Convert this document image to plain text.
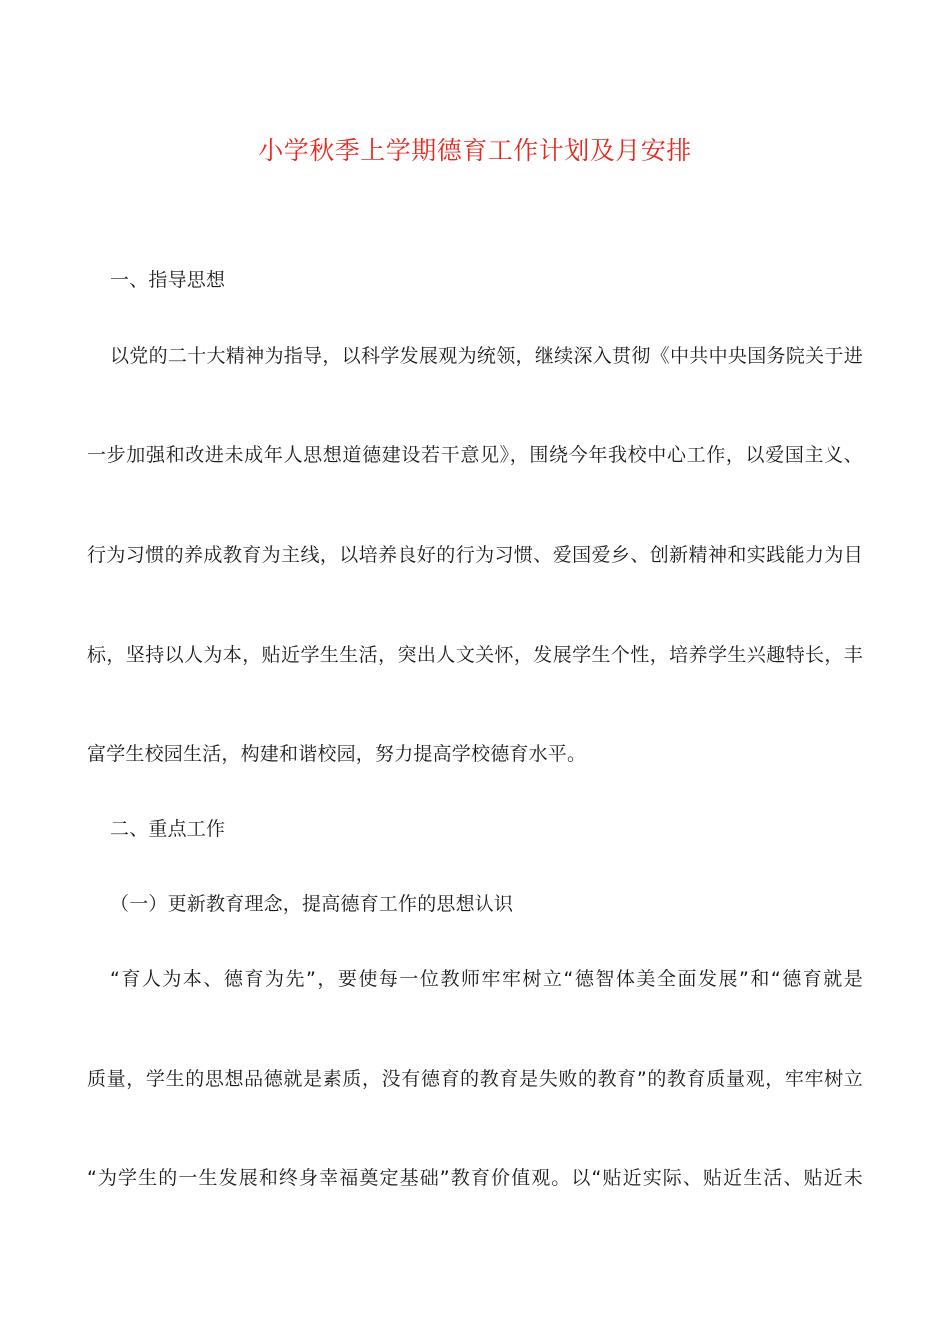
小学秋季上学期德育工作计划及月安排
一、指导思想
以党的二十大精神为指导，以科学发展观为统领，继续深入贯彻《中共中央国务院关于进
一步加强和改进未成年人思想道德建设若干意见》，围绕今年我校中心工作，以爱国主义、
行为习惯的养成教育为主线，以培养良好的行为习惯、爱国爱乡、创新精神和实践能力为目
标，坚持以人为本，贴近学生生活，突出人文关怀，发展学生个性，培养学生兴趣特长，丰
富学生校园生活，构建和谐校园，努力提高学校德育水平。
二、重点工作
（一）更新教育理念，提高德育工作的思想认识
“育人为本、德育为先”，要使每一位教师牢牢树立“德智体美全面发展”和“德育就是
质量，学生的思想品德就是素质，没有德育的教育是失败的教育”的教育质量观，牢牢树立
“为学生的一生发展和终身幸福奠定基础”教育价值观。以“贴近实际、贴近生活、贴近未
